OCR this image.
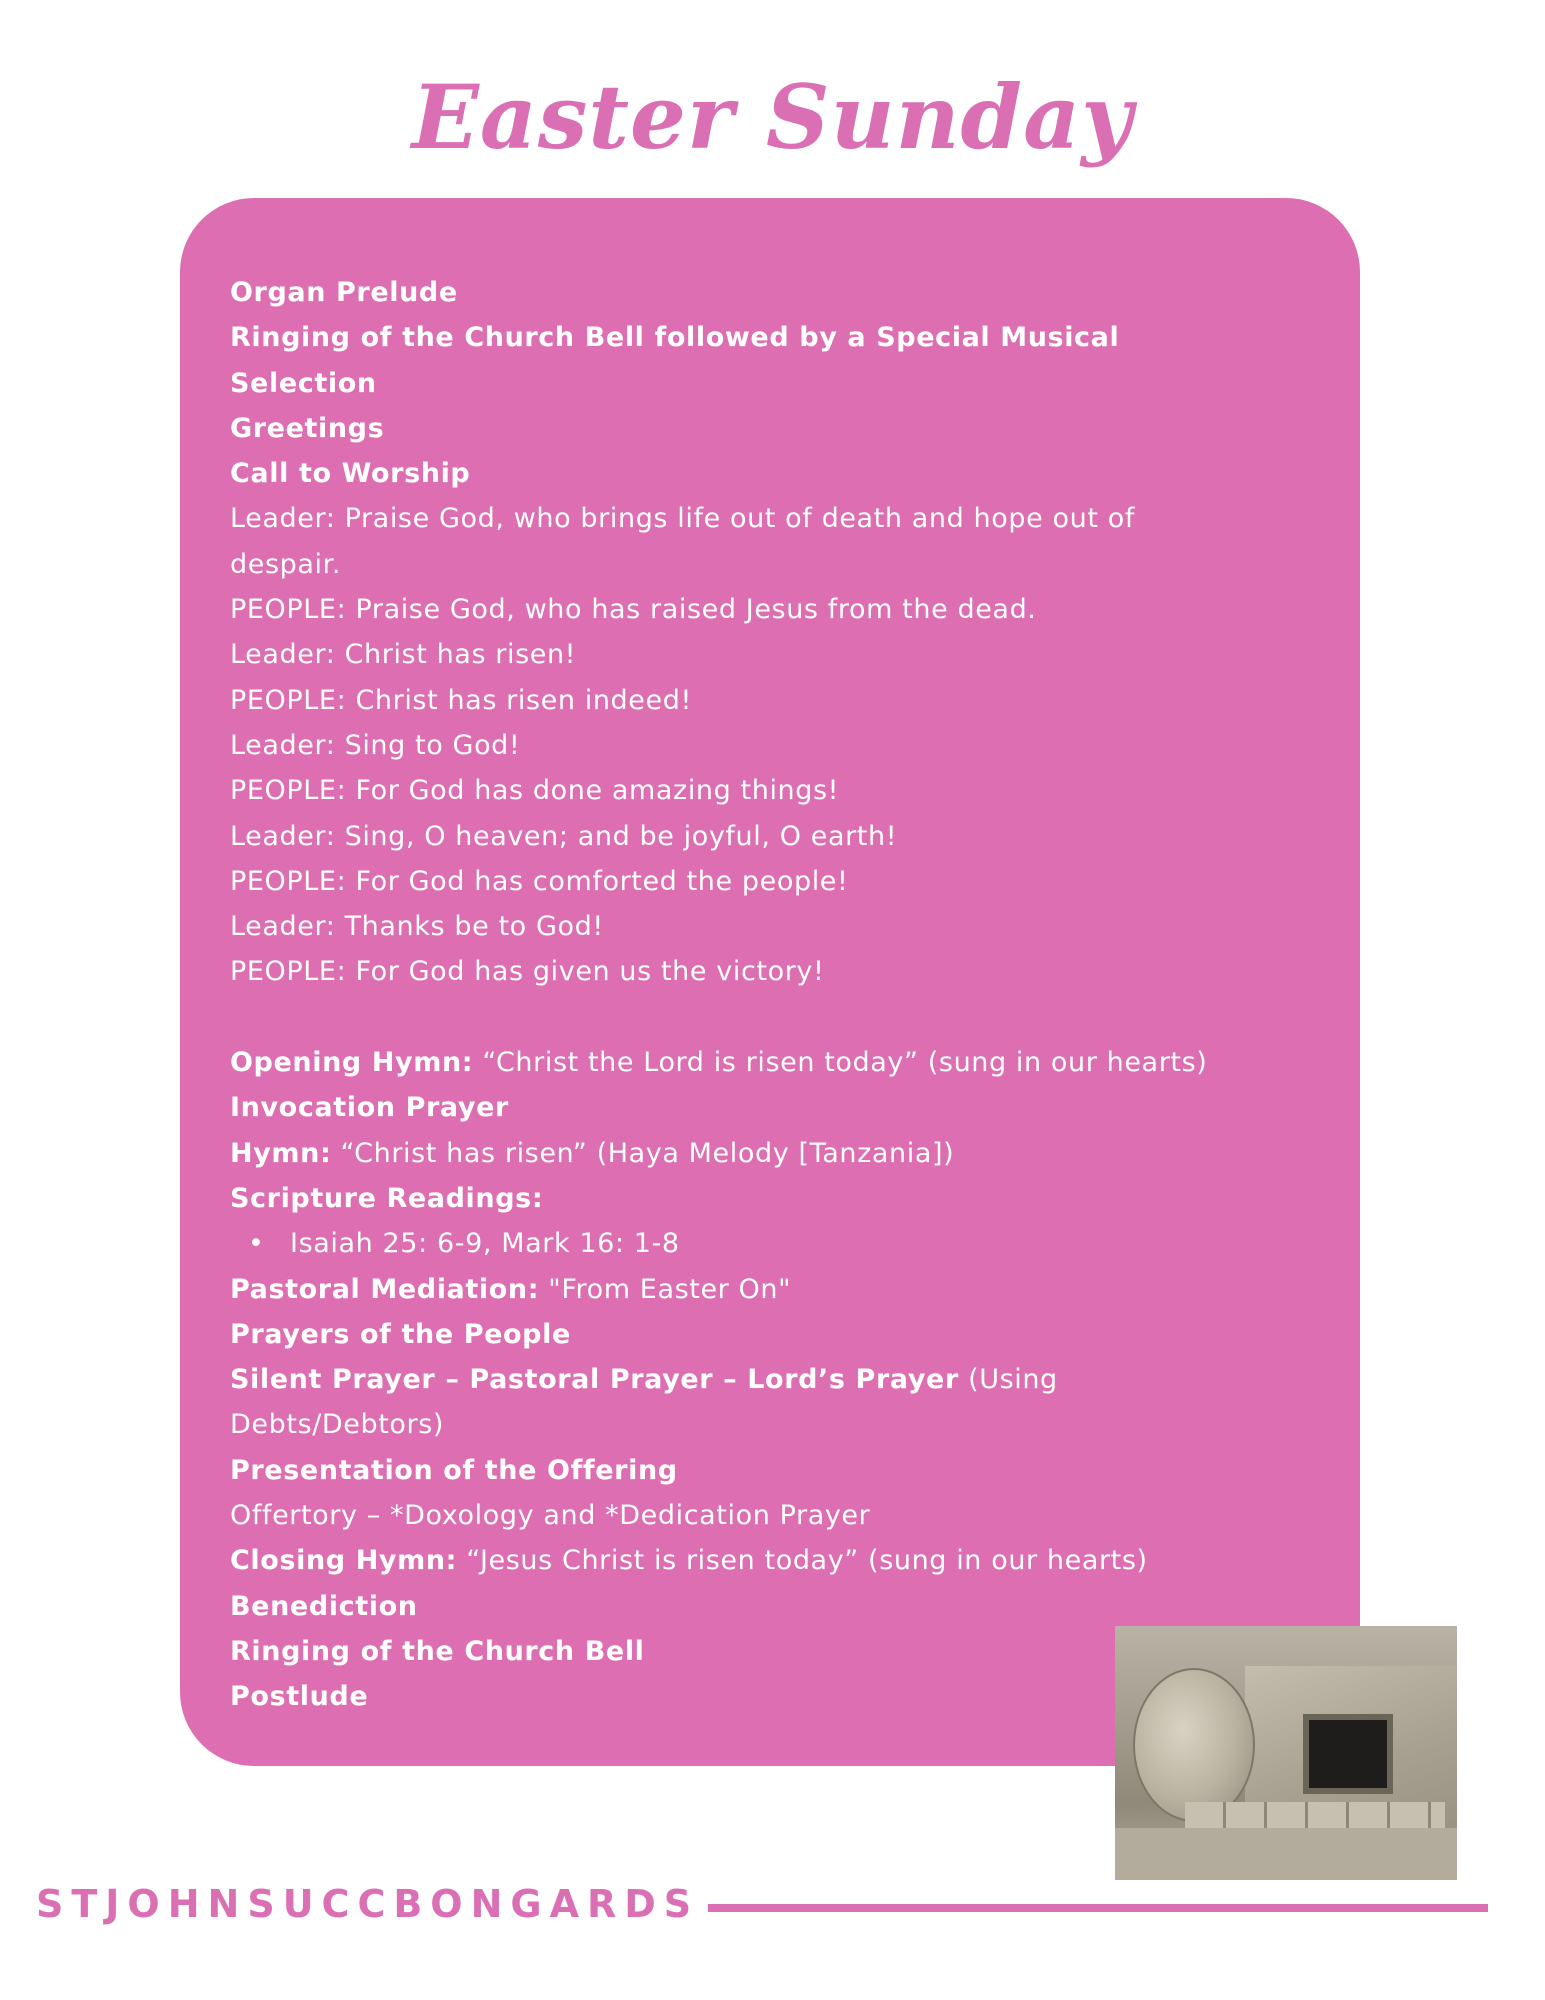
Easter Sunday
Organ Prelude
Ringing of the Church Bell followed by a Special Musical
Selection
Greetings
Call to Worship
Leader: Praise God, who brings life out of death and hope out of
despair.
PEOPLE: Praise God, who has raised Jesus from the dead.
Leader: Christ has risen!
PEOPLE: Christ has risen indeed!
Leader: Sing to God!
PEOPLE: For God has done amazing things!
Leader: Sing, O heaven; and be joyful, O earth!
PEOPLE: For God has comforted the people!
Leader: Thanks be to God!
PEOPLE: For God has given us the victory!
Opening Hymn: “Christ the Lord is risen today” (sung in our hearts)
Invocation Prayer
Hymn: “Christ has risen” (Haya Melody [Tanzania])
Scripture Readings:
• Isaiah 25: 6-9, Mark 16: 1-8
Pastoral Mediation: "From Easter On"
Prayers of the People
Silent Prayer – Pastoral Prayer – Lord’s Prayer (Using
Debts/Debtors)
Presentation of the Offering
Offertory – *Doxology and *Dedication Prayer
Closing Hymn: “Jesus Christ is risen today” (sung in our hearts)
Benediction
Ringing of the Church Bell
Postlude
STJOHNSUCCBONGARDS
